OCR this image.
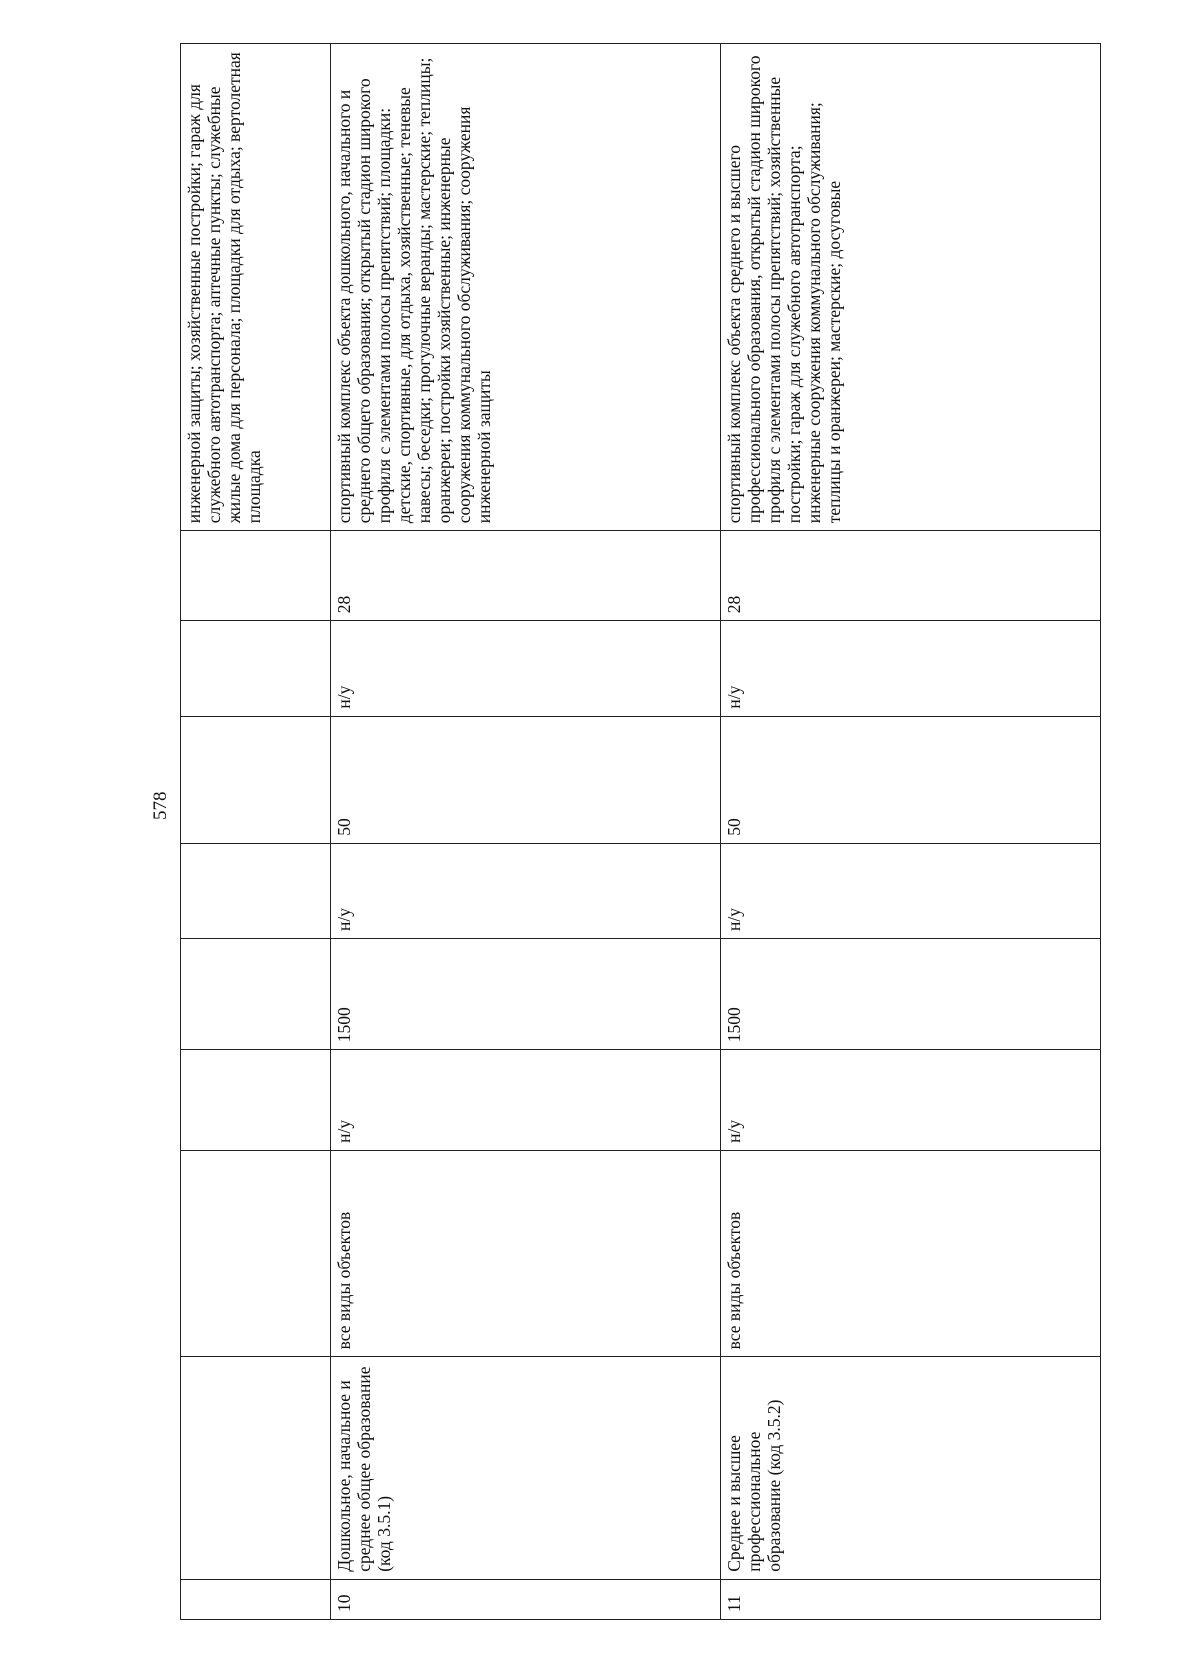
578
									инженерной защиты; хозяйственные постройки; гараж для служебного автотранспорта; аптечные пункты; служебные жилые дома для персонала; площадки для отдыха; вертолетная площадка
10	Дошкольное, начальное и среднее общее образование (код 3.5.1)	все виды объектов	н/у	1500	н/у	50	н/у	28	спортивный комплекс объекта дошкольного, начального и среднего общего образования; открытый стадион широкого профиля с элементами полосы препятствий; площадки: детские, спортивные, для отдыха, хозяйственные; теневые навесы; беседки; прогулочные веранды; мастерские; теплицы; оранжереи; постройки хозяйственные; инженерные сооружения коммунального обслуживания; сооружения инженерной защиты
11	Среднее и высшее профессиональное образование (код 3.5.2)	все виды объектов	н/у	1500	н/у	50	н/у	28	спортивный комплекс объекта среднего и высшего профессионального образования, открытый стадион широкого профиля с элементами полосы препятствий; хозяйственные постройки; гараж для служебного автотранспорта; инженерные сооружения коммунального обслуживания; теплицы и оранжереи; мастерские; досуговые
